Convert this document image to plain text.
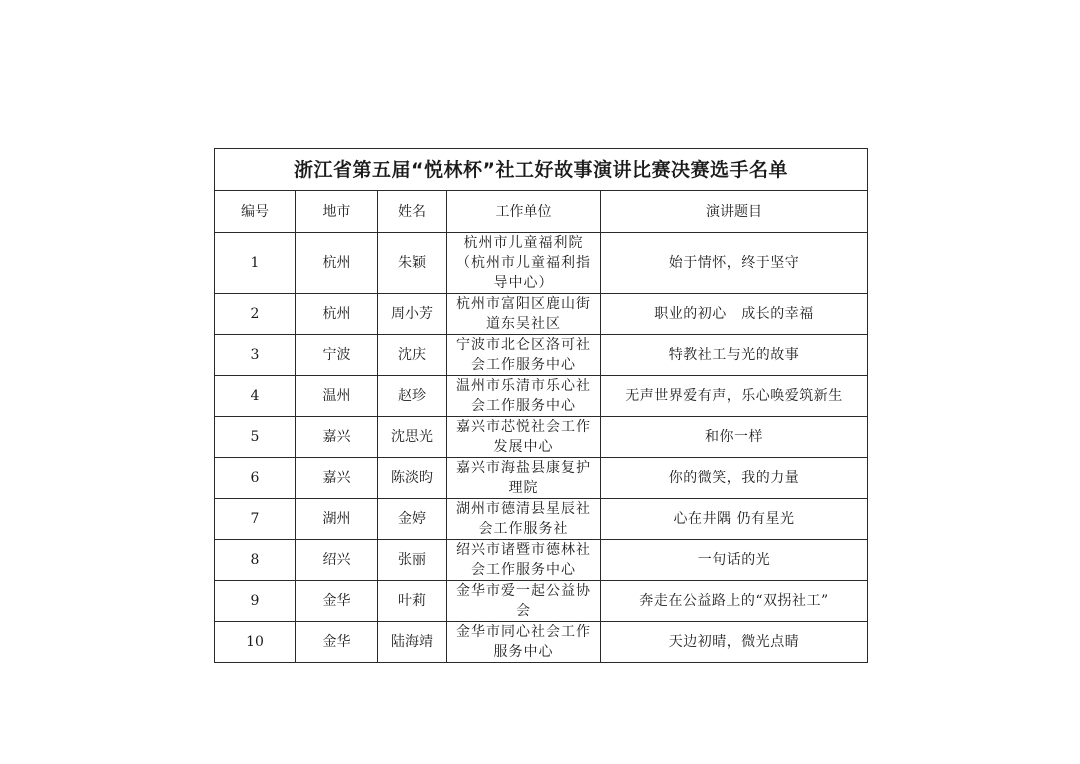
浙江省第五届“悦林杯”社工好故事演讲比赛决赛选手名单				
编号	地市	姓名	工作单位	演讲题目
1	杭州	朱颖	杭州市儿童福利院（杭州市儿童福利指导中心）	始于情怀，终于坚守
2	杭州	周小芳	杭州市富阳区鹿山街道东吴社区	职业的初心　成长的幸福
3	宁波	沈庆	宁波市北仑区洛可社会工作服务中心	特教社工与光的故事
4	温州	赵珍	温州市乐清市乐心社会工作服务中心	无声世界爱有声，乐心唤爱筑新生
5	嘉兴	沈思光	嘉兴市芯悦社会工作发展中心	和你一样
6	嘉兴	陈淡昀	嘉兴市海盐县康复护理院	你的微笑，我的力量
7	湖州	金婷	湖州市德清县星辰社会工作服务社	心在井隅 仍有星光
8	绍兴	张丽	绍兴市诸暨市德林社会工作服务中心	一句话的光
9	金华	叶莉	金华市爱一起公益协会	奔走在公益路上的“双拐社工”
10	金华	陆海靖	金华市同心社会工作服务中心	天边初晴，微光点睛
